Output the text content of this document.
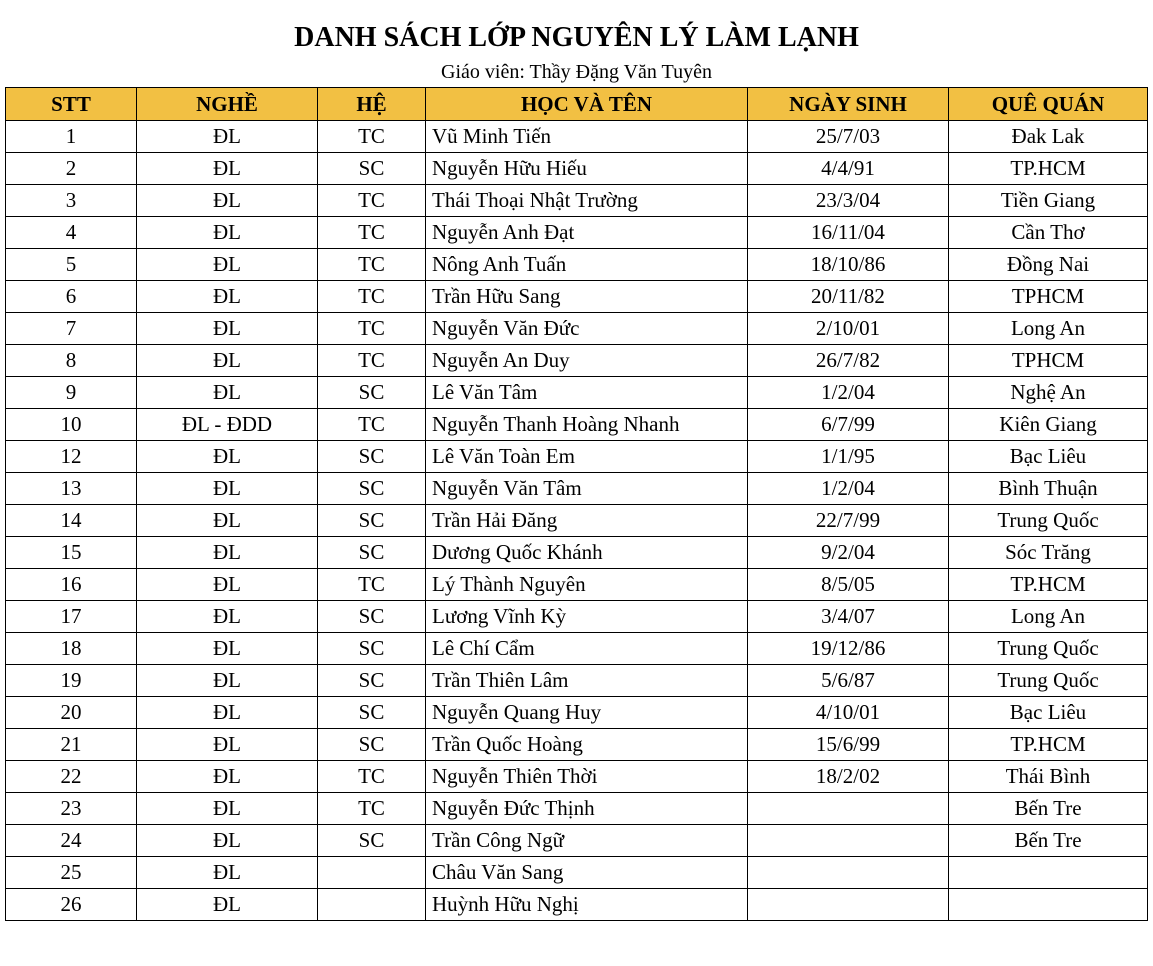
DANH SÁCH LỚP NGUYÊN LÝ LÀM LẠNH
Giáo viên: Thầy Đặng Văn Tuyên
STT	NGHỀ	HỆ	HỌC VÀ TÊN	NGÀY SINH	QUÊ QUÁN
1	ĐL	TC	Vũ Minh Tiến	25/7/03	Đak Lak
2	ĐL	SC	Nguyễn Hữu Hiếu	4/4/91	TP.HCM
3	ĐL	TC	Thái Thoại Nhật Trường	23/3/04	Tiền Giang
4	ĐL	TC	Nguyễn Anh Đạt	16/11/04	Cần Thơ
5	ĐL	TC	Nông Anh Tuấn	18/10/86	Đồng Nai
6	ĐL	TC	Trần Hữu Sang	20/11/82	TPHCM
7	ĐL	TC	Nguyễn Văn Đức	2/10/01	Long An
8	ĐL	TC	Nguyễn An Duy	26/7/82	TPHCM
9	ĐL	SC	Lê Văn Tâm	1/2/04	Nghệ An
10	ĐL - ĐDD	TC	Nguyễn Thanh Hoàng Nhanh	6/7/99	Kiên Giang
12	ĐL	SC	Lê Văn Toàn Em	1/1/95	Bạc Liêu
13	ĐL	SC	Nguyễn Văn Tâm	1/2/04	Bình Thuận
14	ĐL	SC	Trần Hải Đăng	22/7/99	Trung Quốc
15	ĐL	SC	Dương Quốc Khánh	9/2/04	Sóc Trăng
16	ĐL	TC	Lý Thành Nguyên	8/5/05	TP.HCM
17	ĐL	SC	Lương Vĩnh Kỳ	3/4/07	Long An
18	ĐL	SC	Lê Chí Cẩm	19/12/86	Trung Quốc
19	ĐL	SC	Trần Thiên Lâm	5/6/87	Trung Quốc
20	ĐL	SC	Nguyễn Quang Huy	4/10/01	Bạc Liêu
21	ĐL	SC	Trần Quốc Hoàng	15/6/99	TP.HCM
22	ĐL	TC	Nguyễn Thiên Thời	18/2/02	Thái Bình
23	ĐL	TC	Nguyễn Đức Thịnh		Bến Tre
24	ĐL	SC	Trần Công Ngữ		Bến Tre
25	ĐL		Châu Văn Sang		
26	ĐL		Huỳnh Hữu Nghị		
